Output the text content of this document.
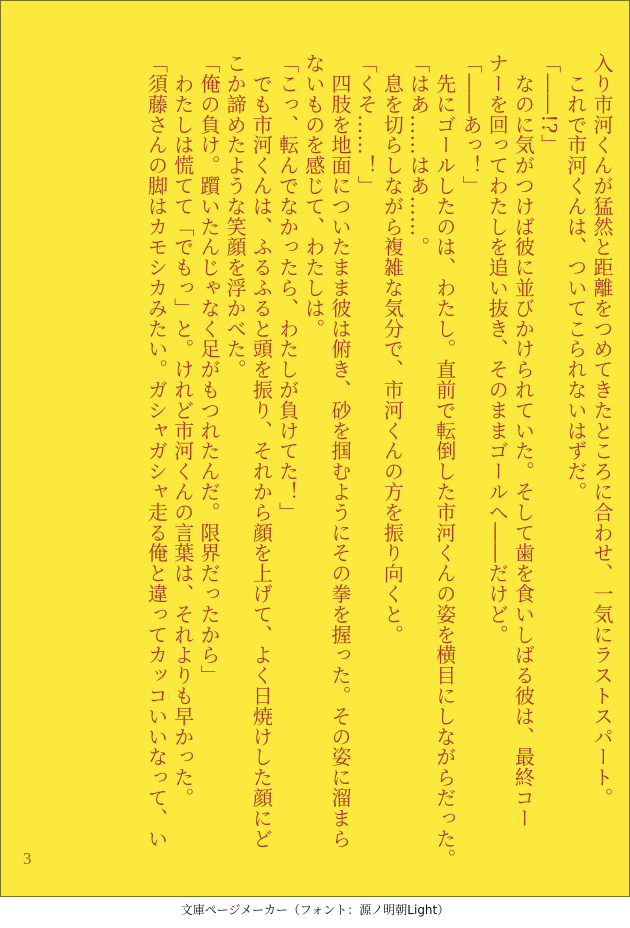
入り市河くんが猛然と距離をつめてきたところに合わせ、一気にラストスパート。
　これで市河くんは、ついてこられないはずだ。
「――!?」
　なのに気がつけば彼に並びかけられていた。そして歯を食いしばる彼は、最終コー
ナーを回ってわたしを追い抜き、そのままゴールへ――だけど。
「――あっ！」
　先にゴールしたのは、わたし。直前で転倒した市河くんの姿を横目にしながらだった。
「はあ……はあ……。
　息を切らしながら複雑な気分で、市河くんの方を振り向くと。
「くそ……！」
　四肢を地面についたまま彼は俯き、砂を掴むようにその拳を握った。その姿に溜まら
ないものを感じて、わたしは。
「こっ、転んでなかったら、わたしが負けてた！」
　でも市河くんは、ふるふると頭を振り、それから顔を上げて、よく日焼けした顔にど
こか諦めたような笑顔を浮かべた。
「俺の負け。躓いたんじゃなく足がもつれたんだ。限界だったから」
　わたしは慌てて「でもっ」と。けれど市河くんの言葉は、それよりも早かった。
「須藤さんの脚はカモシカみたい。ガシャガシャ走る俺と違ってカッコいいなって、い
3
文庫ページメーカー（フォント：源ノ明朝Light）
